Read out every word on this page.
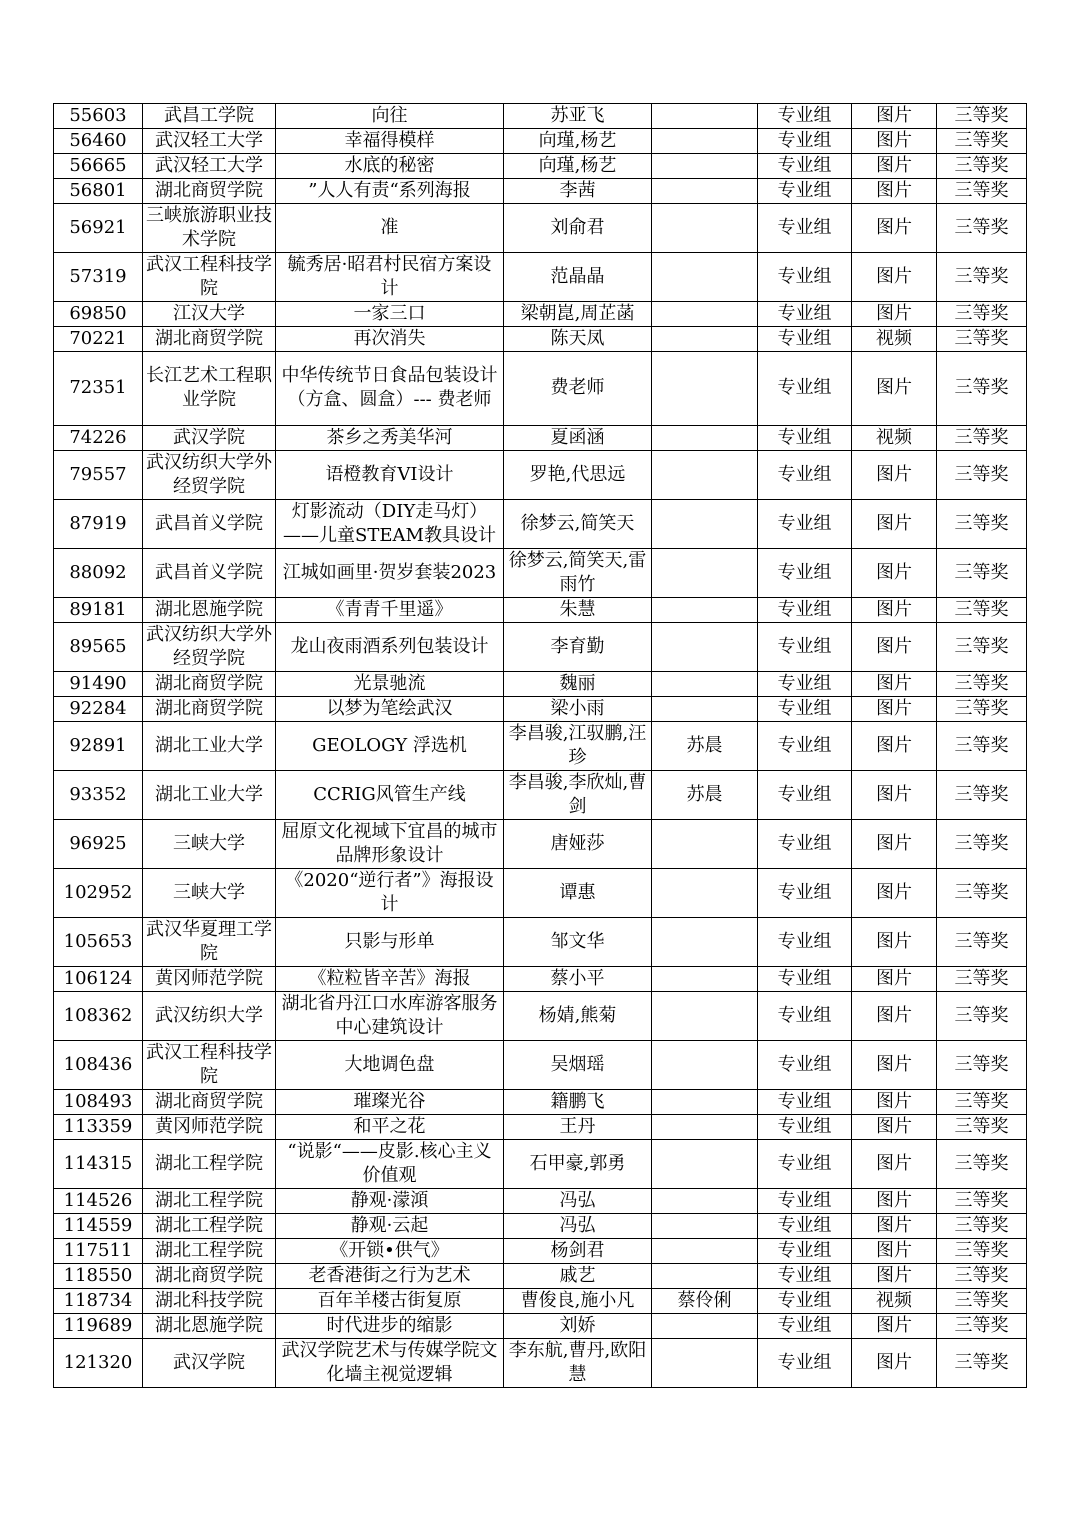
55603	武昌工学院	向往	苏亚飞		专业组	图片	三等奖
56460	武汉轻工大学	幸福得模样	向瑾,杨艺		专业组	图片	三等奖
56665	武汉轻工大学	水底的秘密	向瑾,杨艺		专业组	图片	三等奖
56801	湖北商贸学院	”人人有责“系列海报	李茜		专业组	图片	三等奖
56921	三峡旅游职业技术学院	准	刘俞君		专业组	图片	三等奖
57319	武汉工程科技学院	毓秀居·昭君村民宿方案设计	范晶晶		专业组	图片	三等奖
69850	江汉大学	一家三口	梁朝崑,周芷菡		专业组	图片	三等奖
70221	湖北商贸学院	再次消失	陈天凤		专业组	视频	三等奖
72351	长江艺术工程职业学院	中华传统节日食品包装设计（方盒、圆盒）--- 费老师	费老师		专业组	图片	三等奖
74226	武汉学院	茶乡之秀美华河	夏函涵		专业组	视频	三等奖
79557	武汉纺织大学外经贸学院	语橙教育VI设计	罗艳,代思远		专业组	图片	三等奖
87919	武昌首义学院	灯影流动（DIY走马灯）——儿童STEAM教具设计	徐梦云,简笑天		专业组	图片	三等奖
88092	武昌首义学院	江城如画里·贺岁套装2023	徐梦云,简笑天,雷雨竹		专业组	图片	三等奖
89181	湖北恩施学院	《青青千里遥》	朱慧		专业组	图片	三等奖
89565	武汉纺织大学外经贸学院	龙山夜雨酒系列包装设计	李育勤		专业组	图片	三等奖
91490	湖北商贸学院	光景驰流	魏丽		专业组	图片	三等奖
92284	湖北商贸学院	以梦为笔绘武汉	梁小雨		专业组	图片	三等奖
92891	湖北工业大学	GEOLOGY 浮选机	李昌骏,江驭鹏,汪珍	苏晨	专业组	图片	三等奖
93352	湖北工业大学	CCRIG风管生产线	李昌骏,李欣灿,曹剑	苏晨	专业组	图片	三等奖
96925	三峡大学	屈原文化视域下宜昌的城市品牌形象设计	唐娅莎		专业组	图片	三等奖
102952	三峡大学	《2020“逆行者”》海报设计	谭惠		专业组	图片	三等奖
105653	武汉华夏理工学院	只影与形单	邹文华		专业组	图片	三等奖
106124	黄冈师范学院	《粒粒皆辛苦》海报	蔡小平		专业组	图片	三等奖
108362	武汉纺织大学	湖北省丹江口水库游客服务中心建筑设计	杨婧,熊菊		专业组	图片	三等奖
108436	武汉工程科技学院	大地调色盘	吴烟瑶		专业组	图片	三等奖
108493	湖北商贸学院	璀璨光谷	籍鹏飞		专业组	图片	三等奖
113359	黄冈师范学院	和平之花	王丹		专业组	图片	三等奖
114315	湖北工程学院	“说影“——皮影.核心主义价值观	石甲豪,郭勇		专业组	图片	三等奖
114526	湖北工程学院	静观·濛澒	冯弘		专业组	图片	三等奖
114559	湖北工程学院	静观·云起	冯弘		专业组	图片	三等奖
117511	湖北工程学院	《开锁•供气》	杨剑君		专业组	图片	三等奖
118550	湖北商贸学院	老香港街之行为艺术	戚艺		专业组	图片	三等奖
118734	湖北科技学院	百年羊楼古街复原	曹俊良,施小凡	蔡伶俐	专业组	视频	三等奖
119689	湖北恩施学院	时代进步的缩影	刘娇		专业组	图片	三等奖
121320	武汉学院	武汉学院艺术与传媒学院文化墙主视觉逻辑	李东航,曹丹,欧阳慧		专业组	图片	三等奖
